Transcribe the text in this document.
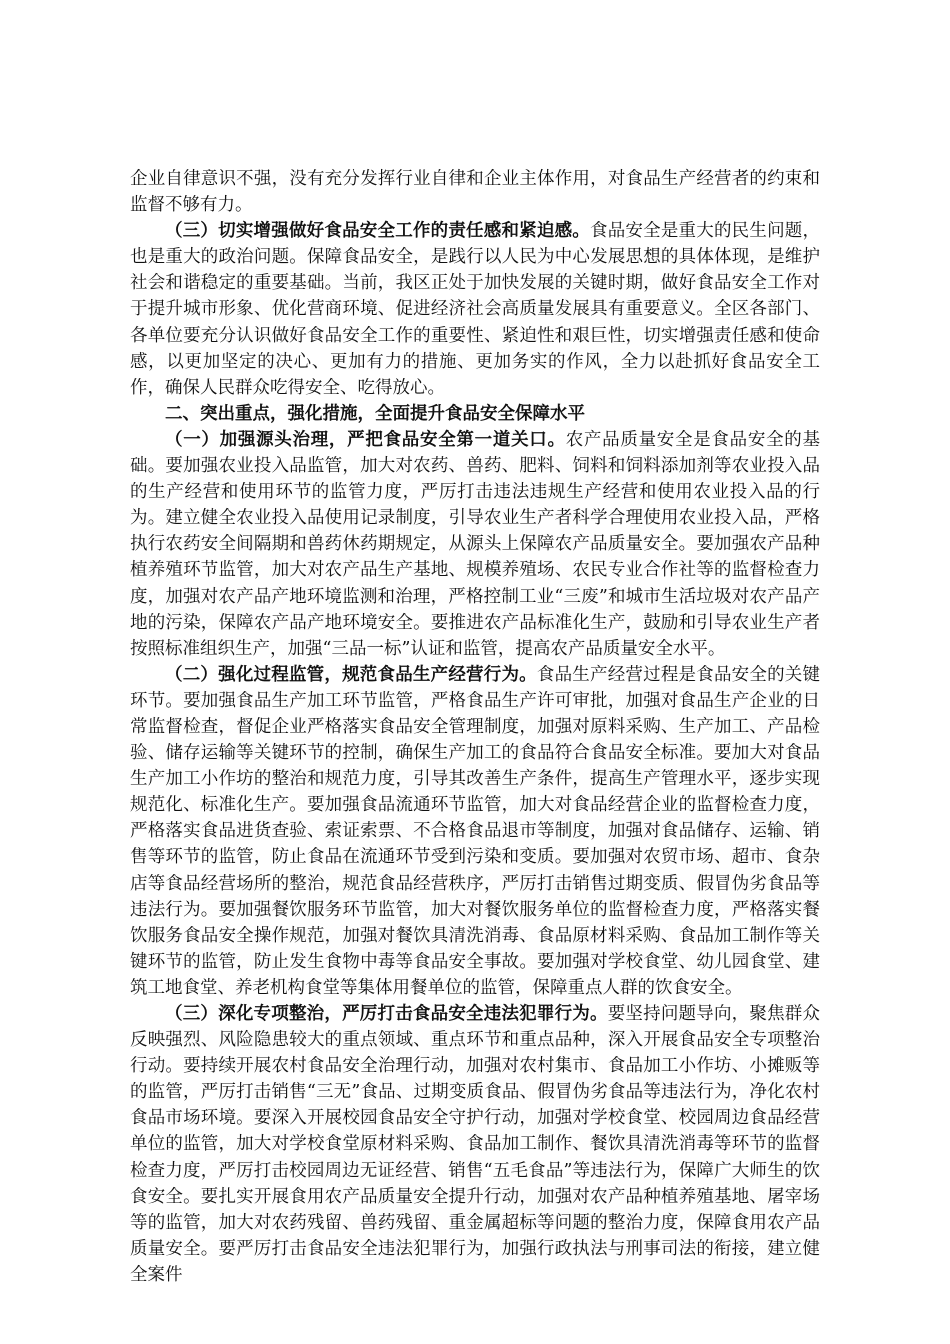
企业自律意识不强，没有充分发挥行业自律和企业主体作用，对食品生产经营者的约束和监督不够有力。

（三）切实增强做好食品安全工作的责任感和紧迫感。食品安全是重大的民生问题，也是重大的政治问题。保障食品安全，是践行以人民为中心发展思想的具体体现，是维护社会和谐稳定的重要基础。当前，我区正处于加快发展的关键时期，做好食品安全工作对于提升城市形象、优化营商环境、促进经济社会高质量发展具有重要意义。全区各部门、各单位要充分认识做好食品安全工作的重要性、紧迫性和艰巨性，切实增强责任感和使命感，以更加坚定的决心、更加有力的措施、更加务实的作风，全力以赴抓好食品安全工作，确保人民群众吃得安全、吃得放心。

二、突出重点，强化措施，全面提升食品安全保障水平

（一）加强源头治理，严把食品安全第一道关口。农产品质量安全是食品安全的基础。要加强农业投入品监管，加大对农药、兽药、肥料、饲料和饲料添加剂等农业投入品的生产经营和使用环节的监管力度，严厉打击违法违规生产经营和使用农业投入品的行为。建立健全农业投入品使用记录制度，引导农业生产者科学合理使用农业投入品，严格执行农药安全间隔期和兽药休药期规定，从源头上保障农产品质量安全。要加强农产品种植养殖环节监管，加大对农产品生产基地、规模养殖场、农民专业合作社等的监督检查力度，加强对农产品产地环境监测和治理，严格控制工业“三废”和城市生活垃圾对农产品产地的污染，保障农产品产地环境安全。要推进农产品标准化生产，鼓励和引导农业生产者按照标准组织生产，加强“三品一标”认证和监管，提高农产品质量安全水平。

（二）强化过程监管，规范食品生产经营行为。食品生产经营过程是食品安全的关键环节。要加强食品生产加工环节监管，严格食品生产许可审批，加强对食品生产企业的日常监督检查，督促企业严格落实食品安全管理制度，加强对原料采购、生产加工、产品检验、储存运输等关键环节的控制，确保生产加工的食品符合食品安全标准。要加大对食品生产加工小作坊的整治和规范力度，引导其改善生产条件，提高生产管理水平，逐步实现规范化、标准化生产。要加强食品流通环节监管，加大对食品经营企业的监督检查力度，严格落实食品进货查验、索证索票、不合格食品退市等制度，加强对食品储存、运输、销售等环节的监管，防止食品在流通环节受到污染和变质。要加强对农贸市场、超市、食杂店等食品经营场所的整治，规范食品经营秩序，严厉打击销售过期变质、假冒伪劣食品等违法行为。要加强餐饮服务环节监管，加大对餐饮服务单位的监督检查力度，严格落实餐饮服务食品安全操作规范，加强对餐饮具清洗消毒、食品原材料采购、食品加工制作等关键环节的监管，防止发生食物中毒等食品安全事故。要加强对学校食堂、幼儿园食堂、建筑工地食堂、养老机构食堂等集体用餐单位的监管，保障重点人群的饮食安全。

（三）深化专项整治，严厉打击食品安全违法犯罪行为。要坚持问题导向，聚焦群众反映强烈、风险隐患较大的重点领域、重点环节和重点品种，深入开展食品安全专项整治行动。要持续开展农村食品安全治理行动，加强对农村集市、食品加工小作坊、小摊贩等的监管，严厉打击销售“三无”食品、过期变质食品、假冒伪劣食品等违法行为，净化农村食品市场环境。要深入开展校园食品安全守护行动，加强对学校食堂、校园周边食品经营单位的监管，加大对学校食堂原材料采购、食品加工制作、餐饮具清洗消毒等环节的监督检查力度，严厉打击校园周边无证经营、销售“五毛食品”等违法行为，保障广大师生的饮食安全。要扎实开展食用农产品质量安全提升行动，加强对农产品种植养殖基地、屠宰场等的监管，加大对农药残留、兽药残留、重金属超标等问题的整治力度，保障食用农产品质量安全。要严厉打击食品安全违法犯罪行为，加强行政执法与刑事司法的衔接，建立健全案件
